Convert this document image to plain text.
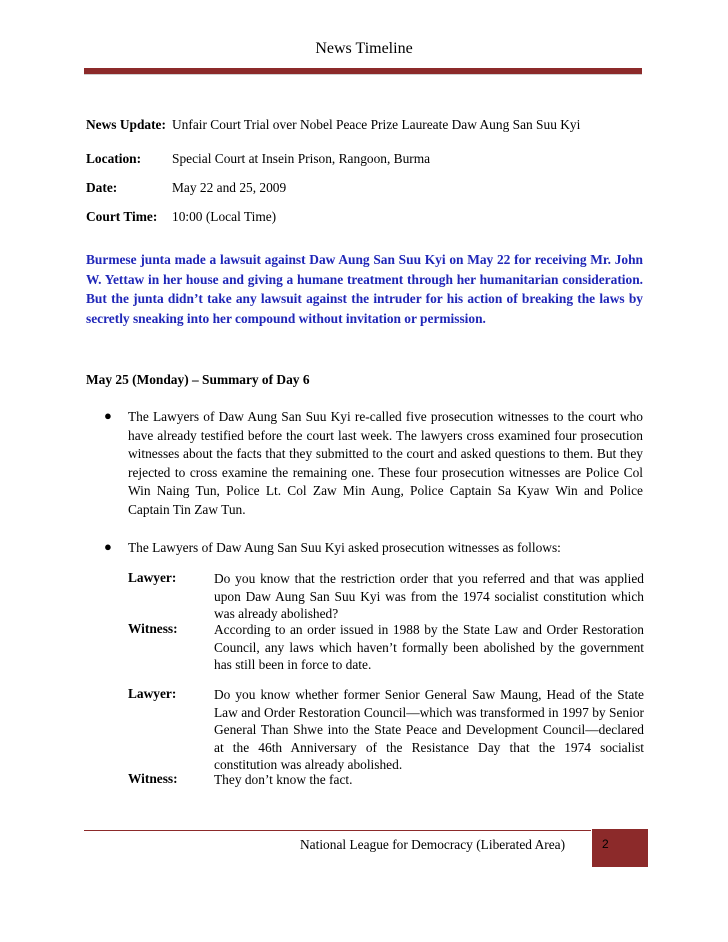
News Timeline
News Update: Unfair Court Trial over Nobel Peace Prize Laureate Daw Aung San Suu Kyi
Location: Special Court at Insein Prison, Rangoon, Burma
Date:	May 22 and 25, 2009
Court Time: 10:00 (Local Time)

Burmese junta made a lawsuit against Daw Aung San Suu Kyi on May 22 for receiving Mr. John W. Yettaw in her house and giving a humane treatment through her humanitarian consideration. But the junta didn’t take any lawsuit against the intruder for his action of breaking the laws by secretly sneaking into her compound without invitation or permission.

May 25 (Monday) – Summary of Day 6

● The Lawyers of Daw Aung San Suu Kyi re-called five prosecution witnesses to the court who have already testified before the court last week. The lawyers cross examined four prosecution witnesses about the facts that they submitted to the court and asked questions to them. But they rejected to cross examine the remaining one. These four prosecution witnesses are Police Col Win Naing Tun, Police Lt. Col Zaw Min Aung, Police Captain Sa Kyaw Win and Police Captain Tin Zaw Tun.
● The Lawyers of Daw Aung San Suu Kyi asked prosecution witnesses as follows:
Lawyer:	Do you know that the restriction order that you referred and that was applied upon Daw Aung San Suu Kyi was from the 1974 socialist constitution which was already abolished?
Witness:	According to an order issued in 1988 by the State Law and Order Restoration Council, any laws which haven’t formally been abolished by the government has still been in force to date.
Lawyer:	Do you know whether former Senior General Saw Maung, Head of the State Law and Order Restoration Council—which was transformed in 1997 by Senior General Than Shwe into the State Peace and Development Council—declared at the 46th Anniversary of the Resistance Day that the 1974 socialist constitution was already abolished.
Witness:	They don’t know the fact.
National League for Democracy (Liberated Area)	2
